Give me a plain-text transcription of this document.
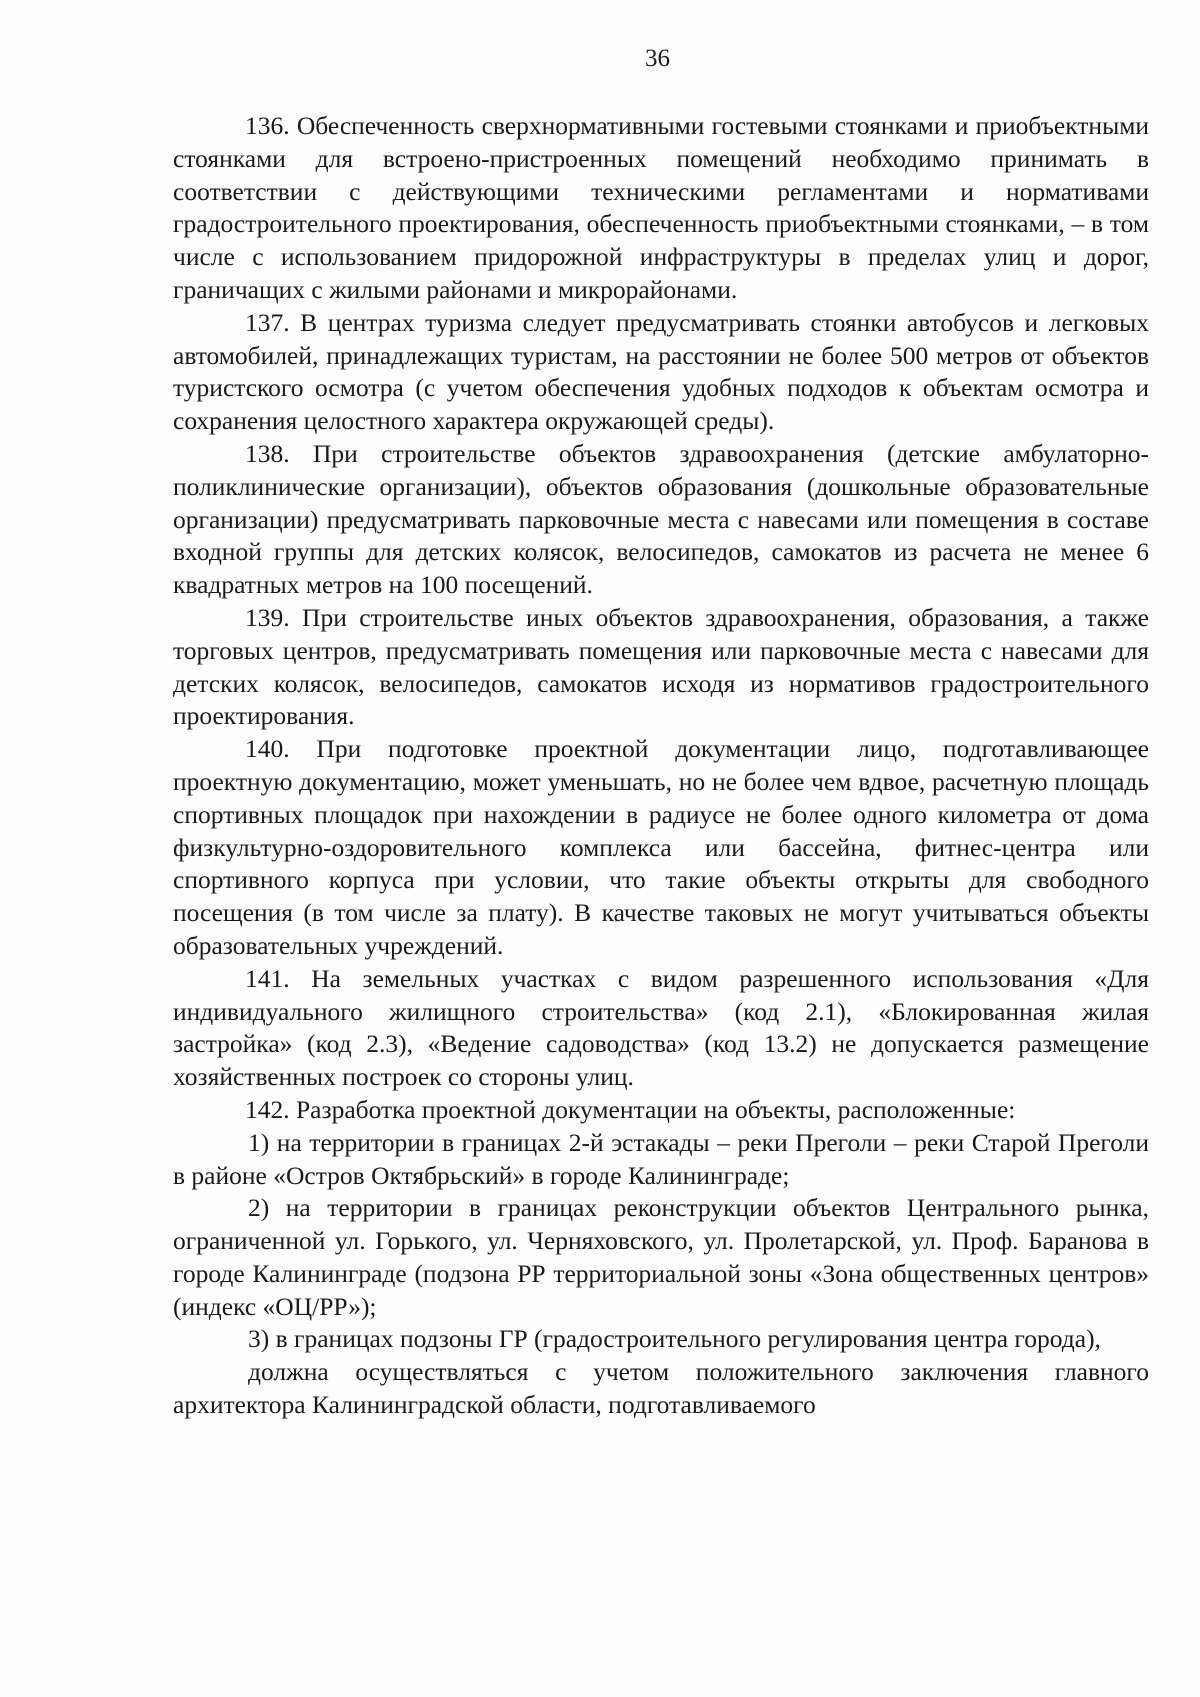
36

136. Обеспеченность сверхнормативными гостевыми стоянками и приобъектными стоянками для встроено-пристроенных помещений необходимо принимать в соответствии с действующими техническими регламентами и нормативами градостроительного проектирования, обеспеченность приобъектными стоянками, – в том числе с использованием придорожной инфраструктуры в пределах улиц и дорог, граничащих с жилыми районами и микрорайонами.

137. В центрах туризма следует предусматривать стоянки автобусов и легковых автомобилей, принадлежащих туристам, на расстоянии не более 500 метров от объектов туристского осмотра (с учетом обеспечения удобных подходов к объектам осмотра и сохранения целостного характера окружающей среды).

138. При строительстве объектов здравоохранения (детские амбулаторно-поликлинические организации), объектов образования (дошкольные образовательные организации) предусматривать парковочные места с навесами или помещения в составе входной группы для детских колясок, велосипедов, самокатов из расчета не менее 6 квадратных метров на 100 посещений.

139. При строительстве иных объектов здравоохранения, образования, а также торговых центров, предусматривать помещения или парковочные места с навесами для детских колясок, велосипедов, самокатов исходя из нормативов градостроительного проектирования.

140. При подготовке проектной документации лицо, подготавливающее проектную документацию, может уменьшать, но не более чем вдвое, расчетную площадь спортивных площадок при нахождении в радиусе не более одного километра от дома физкультурно-оздоровительного комплекса или бассейна, фитнес-центра или спортивного корпуса при условии, что такие объекты открыты для свободного посещения (в том числе за плату). В качестве таковых не могут учитываться объекты образовательных учреждений.

141. На земельных участках с видом разрешенного использования «Для индивидуального жилищного строительства» (код 2.1), «Блокированная жилая застройка» (код 2.3), «Ведение садоводства» (код 13.2) не допускается размещение хозяйственных построек со стороны улиц.

142. Разработка проектной документации на объекты, расположенные:

1) на территории в границах 2-й эстакады – реки Преголи – реки Старой Преголи в районе «Остров Октябрьский» в городе Калининграде;

2) на территории в границах реконструкции объектов Центрального рынка, ограниченной ул. Горького, ул. Черняховского, ул. Пролетарской, ул. Проф. Баранова в городе Калининграде (подзона РР территориальной зоны «Зона общественных центров» (индекс «ОЦ/РР»);

3) в границах подзоны ГР (градостроительного регулирования центра города),

должна осуществляться с учетом положительного заключения главного архитектора Калининградской области, подготавливаемого
